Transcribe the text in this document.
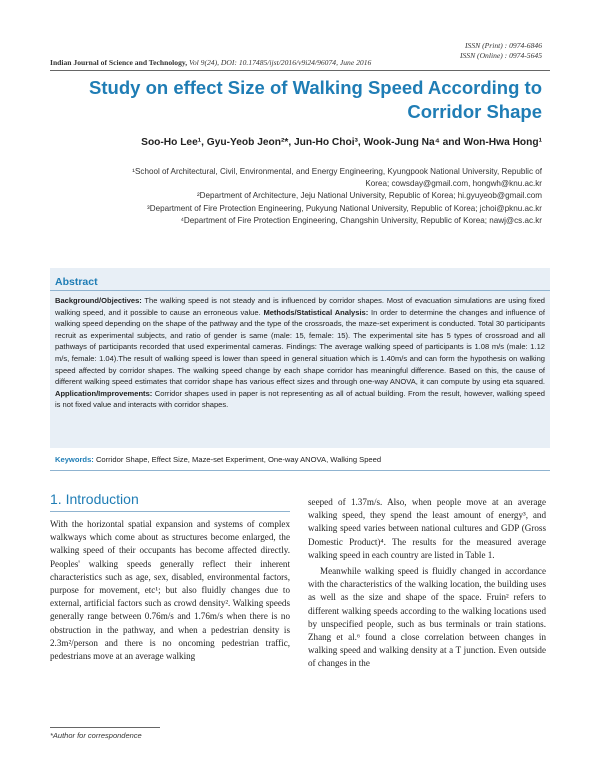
ISSN (Print) : 0974-6846
ISSN (Online) : 0974-5645
Indian Journal of Science and Technology, Vol 9(24), DOI: 10.17485/ijst/2016/v9i24/96074, June 2016
Study on effect Size of Walking Speed According to
Corridor Shape
Soo-Ho Lee¹, Gyu-Yeob Jeon²*, Jun-Ho Choi³, Wook-Jung Na⁴ and Won-Hwa Hong¹
¹School of Architectural, Civil, Environmental, and Energy Engineering, Kyungpook National University, Republic of
Korea; cowsday@gmail.com, hongwh@knu.ac.kr
²Department of Architecture, Jeju National University, Republic of Korea; hi.gyuyeob@gmail.com
³Department of Fire Protection Engineering, Pukyung National University, Republic of Korea; jchoi@pknu.ac.kr
⁴Department of Fire Protection Engineering, Changshin University, Republic of Korea; nawj@cs.ac.kr
Abstract
Background/Objectives: The walking speed is not steady and is influenced by corridor shapes. Most of evacuation simulations are using fixed walking speed, and it possible to cause an erroneous value. Methods/Statistical Analysis: In order to determine the changes and influence of walking speed depending on the shape of the pathway and the type of the crossroads, the maze-set experiment is conducted. Total 30 participants recruit as experimental subjects, and ratio of gender is same (male: 15, female: 15). The experimental site has 5 types of crossroad and all pathways of participants recorded that used experimental cameras. Findings: The average walking speed of participants is 1.08 m/s (male: 1.12 m/s, female: 1.04).The result of walking speed is lower than speed in general situation which is 1.40m/s and can form the hypothesis on walking speed affected by corridor shapes. The walking speed change by each shape corridor has meaningful difference. Based on this, the cause of different walking speed estimates that corridor shape has various effect sizes and through one-way ANOVA, it can compute by using eta squared. Application/Improvements: Corridor shapes used in paper is not representing as all of actual building. From the result, however, walking speed is not fixed value and interacts with corridor shapes.
Keywords: Corridor Shape, Effect Size, Maze-set Experiment, One-way ANOVA, Walking Speed
1. Introduction

With the horizontal spatial expansion and systems of complex walkways which come about as structures become enlarged, the walking speed of their occupants has become affected directly. Peoples' walking speeds generally reflect their inherent characteristics such as age, sex, disabled, environmental factors, purpose for movement, etc¹; but also fluidly changes due to external, artificial factors such as crowd density². Walking speeds generally range between 0.76m/s and 1.76m/s when there is no obstruction in the pathway, and when a pedestrian density is 2.3m²/person and there is no oncoming pedestrian traffic, pedestrians move at an average walking

seeped of 1.37m/s. Also, when people move at an average walking speed, they spend the least amount of energy³, and walking speed varies between national cultures and GDP (Gross Domestic Product)⁴. The results for the measured average walking speed in each country are listed in Table 1.

Meanwhile walking speed is fluidly changed in accordance with the characteristics of the walking location, the building uses as well as the size and shape of the space. Fruin² refers to different walking speeds according to the walking locations used by unspecified people, such as bus terminals or train stations. Zhang et al.⁶ found a close correlation between changes in walking speed and walking density at a T junction. Even outside of changes in the

*Author for correspondence
